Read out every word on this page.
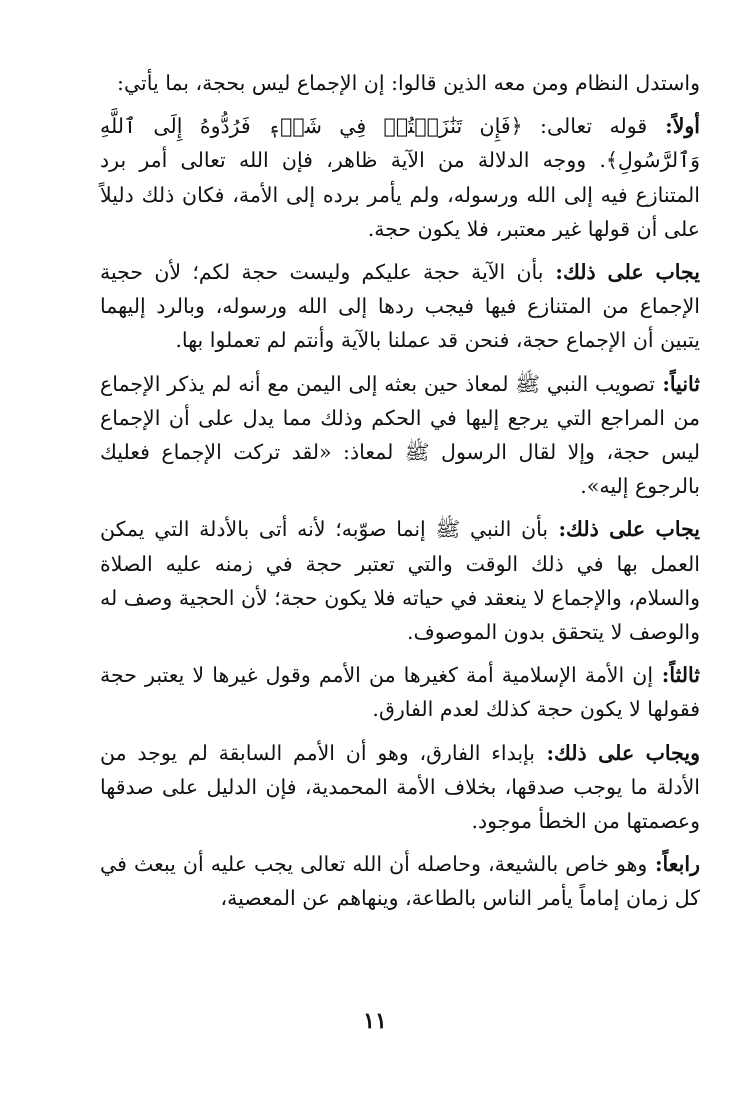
واستدل النظام ومن معه الذين قالوا: إن الإجماع ليس بحجة، بما يأتي:

أولاً: قوله تعالى: ﴿فَإِن تَنَٰزَعۡتُمۡ فِي شَيۡءٖ فَرُدُّوهُ إِلَى ٱللَّهِ وَٱلرَّسُولِ﴾. ووجه الدلالة من الآية ظاهر، فإن الله تعالى أمر برد المتنازع فيه إلى الله ورسوله، ولم يأمر برده إلى الأمة، فكان ذلك دليلاً على أن قولها غير معتبر، فلا يكون حجة.

يجاب على ذلك: بأن الآية حجة عليكم وليست حجة لكم؛ لأن حجية الإجماع من المتنازع فيها فيجب ردها إلى الله ورسوله، وبالرد إليهما يتبين أن الإجماع حجة، فنحن قد عملنا بالآية وأنتم لم تعملوا بها.

ثانياً: تصويب النبي ﷺ لمعاذ حين بعثه إلى اليمن مع أنه لم يذكر الإجماع من المراجع التي يرجع إليها في الحكم وذلك مما يدل على أن الإجماع ليس حجة، وإلا لقال الرسول ﷺ لمعاذ: «لقد تركت الإجماع فعليك بالرجوع إليه».

يجاب على ذلك: بأن النبي ﷺ إنما صوّبه؛ لأنه أتى بالأدلة التي يمكن العمل بها في ذلك الوقت والتي تعتبر حجة في زمنه عليه الصلاة والسلام، والإجماع لا ينعقد في حياته فلا يكون حجة؛ لأن الحجية وصف له والوصف لا يتحقق بدون الموصوف.

ثالثاً: إن الأمة الإسلامية أمة كغيرها من الأمم وقول غيرها لا يعتبر حجة فقولها لا يكون حجة كذلك لعدم الفارق.

ويجاب على ذلك: بإبداء الفارق، وهو أن الأمم السابقة لم يوجد من الأدلة ما يوجب صدقها، بخلاف الأمة المحمدية، فإن الدليل على صدقها وعصمتها من الخطأ موجود.

رابعاً: وهو خاص بالشيعة، وحاصله أن الله تعالى يجب عليه أن يبعث في كل زمان إماماً يأمر الناس بالطاعة، وينهاهم عن المعصية،

١١
